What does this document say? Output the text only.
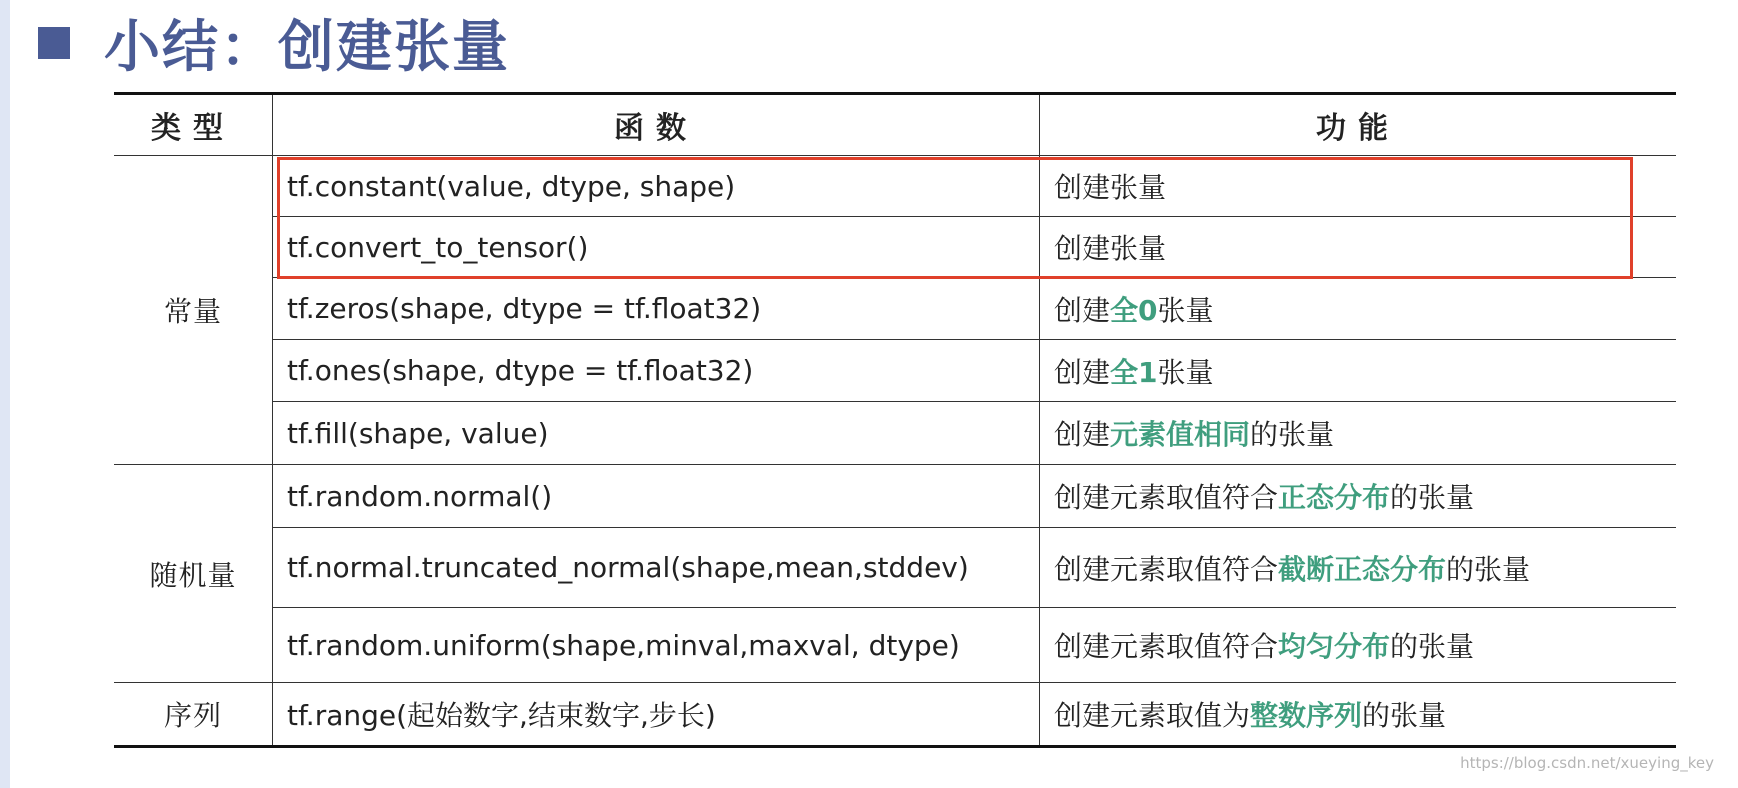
小结：创建张量
类型	函数	功能
常量	tf.constant(value, dtype, shape)	创建张量
	tf.convert_to_tensor()	创建张量
	tf.zeros(shape, dtype = tf.float32)	创建全0张量
	tf.ones(shape, dtype = tf.float32)	创建全1张量
	tf.fill(shape, value)	创建元素值相同的张量
随机量	tf.random.normal()	创建元素取值符合正态分布的张量
	tf.normal.truncated_normal(shape,mean,stddev)	创建元素取值符合截断正态分布的张量
	tf.random.uniform(shape,minval,maxval, dtype)	创建元素取值符合均匀分布的张量
序列	tf.range(起始数字,结束数字,步长)	创建元素取值为整数序列的张量
https://blog.csdn.net/xueying_key
